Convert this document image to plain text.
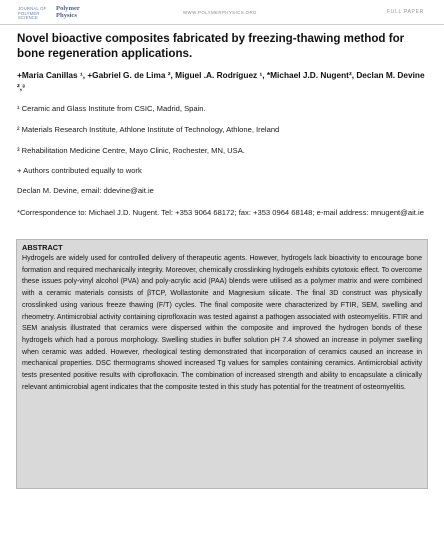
JOURNAL OF POLYMER SCIENCE
Polymer Physics	WWW.POLYMERPHYSICS.ORG	FULL PAPER
Novel bioactive composites fabricated by freezing-thawing method for bone regeneration applications.
+Maria Canillas ¹, +Gabriel G. de Lima ², Miguel .A. Rodríguez ¹, *Michael J.D. Nugent², Declan M. Devine ²,³
¹ Ceramic and Glass Institute from CSIC, Madrid, Spain.
² Materials Research Institute, Athlone Institute of Technology, Athlone, Ireland
³ Rehabilitation Medicine Centre, Mayo Clinic, Rochester, MN, USA.
+ Authors contributed equally to work
Declan M. Devine, email: ddevine@ait.ie
*Correspondence to: Michael J.D. Nugent. Tel: +353 9064 68172; fax: +353 0964 68148; e-mail address: mnugent@ait.ie
ABSTRACT
Hydrogels are widely used for controlled delivery of therapeutic agents. However, hydrogels lack bioactivity to encourage bone formation and required mechanically integrity. Moreover, chemically crosslinking hydrogels exhibits cytotoxic effect. To overcome these issues poly-vinyl alcohol (PVA) and poly-acrylic acid (PAA) blends were utilised as a polymer matrix and were combined with a ceramic materials consists of βTCP, Wollastonite and Magnesium silicate. The final 3D construct was physically crosslinked using various freeze thawing (F/T) cycles. The final composite were characterized by FTIR, SEM, swelling and rheometry. Antimicrobial activity containing ciprofloxacin was tested against a pathogen associated with osteomyelitis. FTIR and SEM analysis illustrated that ceramics were dispersed within the composite and improved the hydrogen bonds of these hydrogels which had a porous morphology. Swelling studies in buffer solution pH 7.4 showed an increase in polymer swelling when ceramic was added. However, rheological testing demonstrated that incorporation of ceramics caused an increase in mechanical properties. DSC thermograms showed increased Tg values for samples containing ceramics. Antimicrobial activity tests presented positive results with ciprofloxacin. The combination of increased strength and ability to encapsulate a clinically relevant antimicrobial agent indicates that the composite tested in this study has potential for the treatment of osteomyelitis.
